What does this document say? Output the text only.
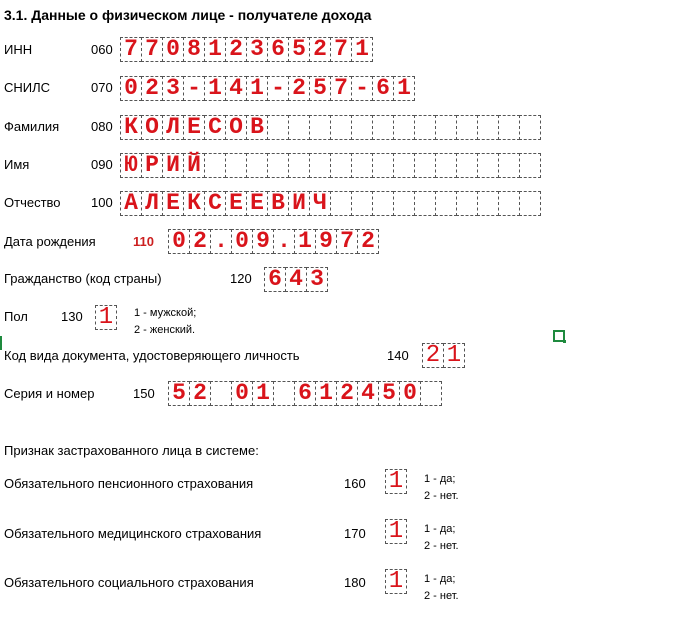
3.1. Данные о физическом лице - получателе дохода
ИНН	060 7 7 0 8 1 2 3 6 5 2 7 1
СНИЛС	070 0 2 3 - 1 4 1 - 2 5 7 - 6 1
Фамилия 080 К О Л Е С О В
Имя	090 Ю Р И Й
Отчество 100 А Л Е К С Е Е В И Ч
Дата рождения	110 0 2 . 0 9 . 1 9 7 2
Гражданство (код страны)	120 6 4 3
Пол	130 1	1 - мужской;
2 - женский.
Код вида документа, удостоверяющего личность	140 2 1
Серия и номер	150 5 2 0 1 6 1 2 4 5 0
Признак застрахованного лица в системе:
Обязательного пенсионного страхования	160 1	1 - да;
2 - нет.
Обязательного медицинского страхования	170 1	1 - да;
2 - нет.
Обязательного социального страхования	180 1	1 - да;
2 - нет.
